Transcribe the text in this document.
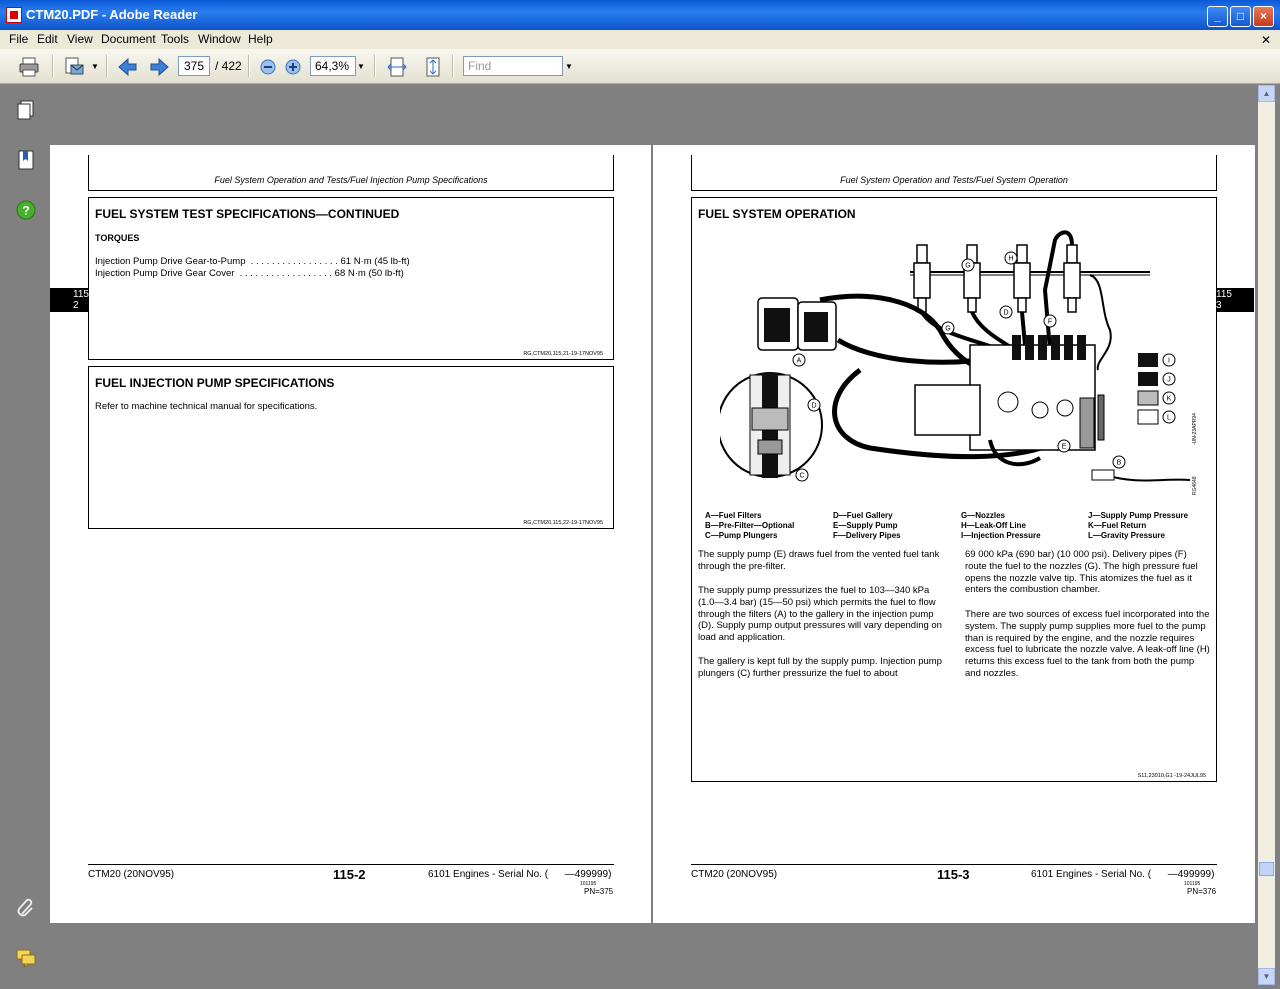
CTM20.PDF - Adobe Reader	_	□	×
File Edit View Document Tools Window Help	✕
▼	▼	▼
375 / 422	64,3%	Find
?
▲
▼
Fuel System Operation and Tests/Fuel Injection Pump Specifications
FUEL SYSTEM TEST SPECIFICATIONS—CONTINUED
TORQUES
Injection Pump Drive Gear-to-Pump  . . . . . . . . . . . . . . . . . 61 N·m (45 lb-ft)
Injection Pump Drive Gear Cover  . . . . . . . . . . . . . . . . . . 68 N·m (50 lb-ft)
RG,CTM20,115,21-19-17NOV95
FUEL INJECTION PUMP SPECIFICATIONS
Refer to machine technical manual for specifications.
RG,CTM20,115,22-19-17NOV95
115
2
CTM20 (20NOV95)	115-2	6101 Engines - Serial No. (      —499999)
101195
PN=375
Fuel System Operation and Tests/Fuel System Operation
FUEL SYSTEM OPERATION
I
J
K
L
A
B
C
D
D
E
F
G
G
H
-UN-23APR94
RG4648
A—Fuel Filters
B—Pre-Filter—Optional
C—Pump Plungers
D—Fuel Gallery
E—Supply Pump
F—Delivery Pipes
G—Nozzles
H—Leak-Off Line
I—Injection Pressure
J—Supply Pump Pressure
K—Fuel Return
L—Gravity Pressure
The supply pump (E) draws fuel from the vented fuel tank through the pre-filter.
The supply pump pressurizes the fuel to 103—340 kPa (1.0—3.4 bar) (15—50 psi) which permits the fuel to flow through the filters (A) to the gallery in the injection pump (D). Supply pump output pressures will vary depending on load and application.
The gallery is kept full by the supply pump. Injection pump plungers (C) further pressurize the fuel to about
69 000 kPa (690 bar) (10 000 psi). Delivery pipes (F) route the fuel to the nozzles (G). The high pressure fuel opens the nozzle valve tip. This atomizes the fuel as it enters the combustion chamber.
There are two sources of excess fuel incorporated into the system. The supply pump supplies more fuel to the pump than is required by the engine, and the nozzle requires excess fuel to lubricate the nozzle valve. A leak-off line (H) returns this excess fuel to the tank from both the pump and nozzles.
S11,23010,G1 -19-24JUL95
115
3
CTM20 (20NOV95)	115-3	6101 Engines - Serial No. (      —499999)
101195
PN=376
